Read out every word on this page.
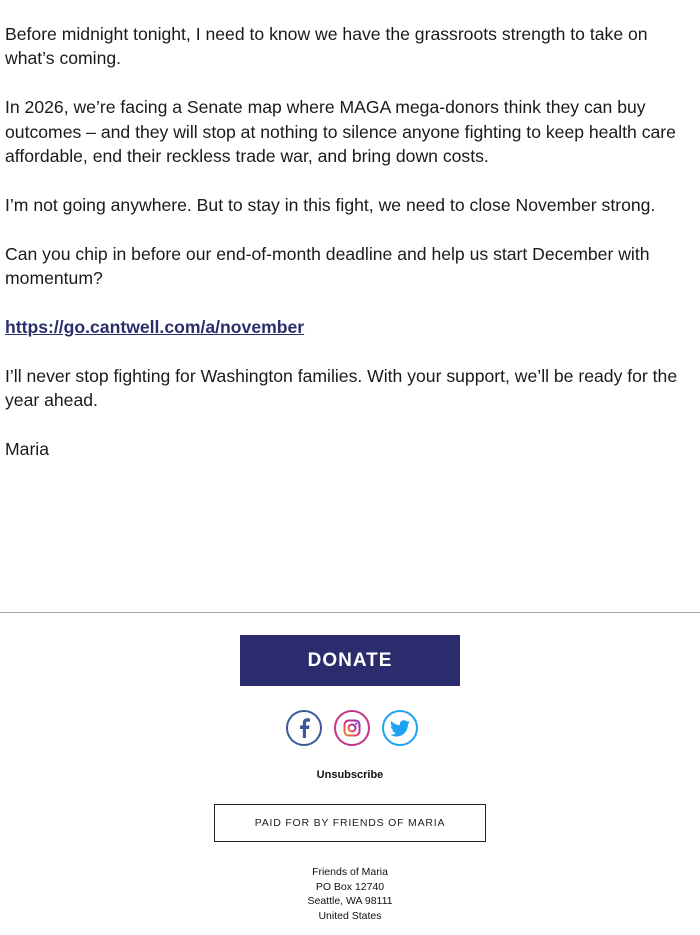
Before midnight tonight, I need to know we have the grassroots strength to take on what’s coming.

In 2026, we’re facing a Senate map where MAGA mega-donors think they can buy outcomes – and they will stop at nothing to silence anyone fighting to keep health care affordable, end their reckless trade war, and bring down costs.

I’m not going anywhere. But to stay in this fight, we need to close November strong.

Can you chip in before our end-of-month deadline and help us start December with momentum?

https://go.cantwell.com/a/november

I’ll never stop fighting for Washington families. With your support, we’ll be ready for the year ahead.

Maria

DONATE
Unsubscribe
PAID FOR BY FRIENDS OF MARIA
Friends of Maria
PO Box 12740
Seattle, WA 98111
United States
